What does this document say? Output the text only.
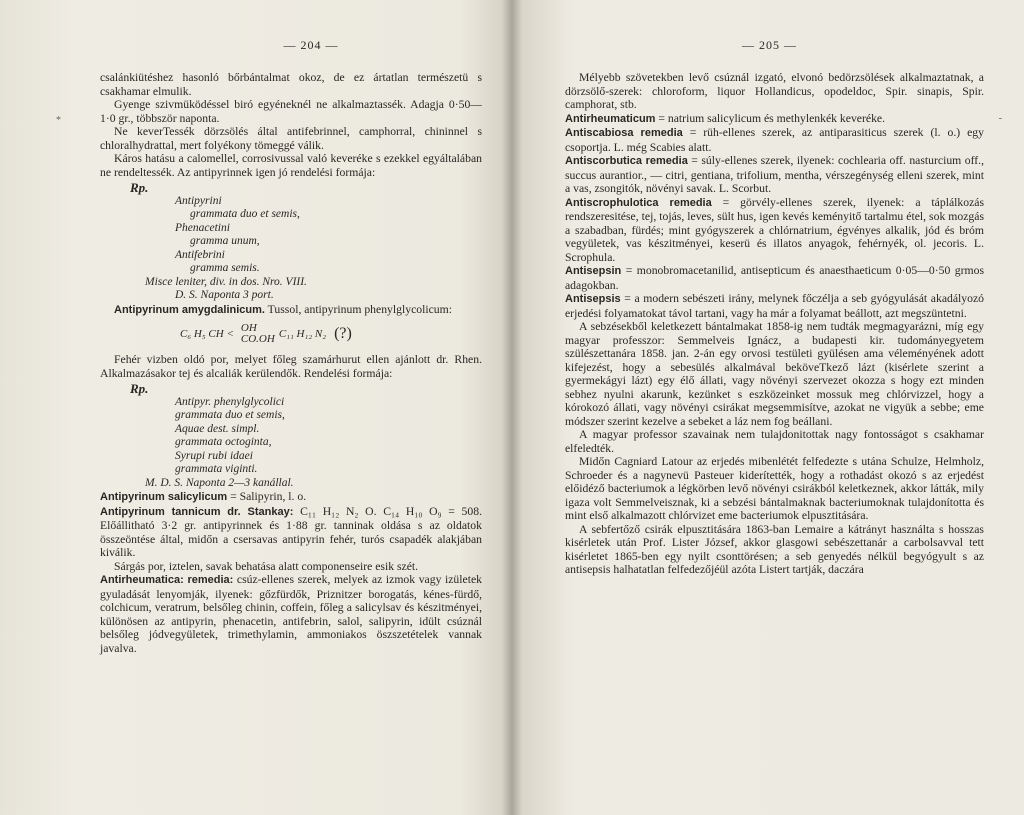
*	-
— 204 —

csalánkiütéshez hasonló bőrbántalmat okoz, de ez ártatlan természetü s csakhamar elmulik.

Gyenge szivmüködéssel biró egyéneknél ne alkalmaztassék. Adagja 0·50—1·0 gr., többször naponta.

Ne keverTessék dörzsölés által antifebrinnel, camphorral, chininnel s chloralhydrattal, mert folyékony tömeggé válik.

Káros hatásu a calomellel, corrosivussal való keveréke s ezekkel egyáltalában ne rendeltessék. Az antipyrinnek igen jó rendelési formája:

Rp.
Antipyrini
grammata duo et semis,
Phenacetini
gramma unum,
Antifebrini
gramma semis.
Misce leniter, div. in dos. Nro. VIII.
D. S. Naponta 3 port.

Antipyrinum amygdalinicum. Tussol, antipyrinum phenylglycolicum:

C₆ H₅ CH < OH
CO.OH C₁₁ H₁₂ N₂ (?)

Fehér vizben oldó por, melyet főleg szamárhurut ellen ajánlott dr. Rhen. Alkalmazásakor tej és alcaliák kerülendők. Rendelési formája:

Rp.
Antipyr. phenylglycolici
grammata duo et semis,
Aquae dest. simpl.
grammata octoginta,
Syrupi rubi idaei
grammata viginti.
M. D. S. Naponta 2—3 kanállal.

Antipyrinum salicylicum = Salipyrin, l. o.

Antipyrinum tannicum dr. Stankay: C₁₁ H₁₂ N₂ O. C₁₄ H₁₀ O₉ = 508. Előállitható 3·2 gr. antipyrinnek és 1·88 gr. tanninak oldása s az oldatok összeöntése által, midőn a csersavas antipyrin fehér, turós csapadék alakjában kiválik.

Sárgás por, iztelen, savak behatása alatt componenseire esik szét.

Antirheumatica: remedia: csúz-ellenes szerek, melyek az izmok vagy izületek gyuladását lenyomják, ilyenek: gőzfürdők, Priznitzer borogatás, kénes-fürdő, colchicum, veratrum, belsőleg chinin, coffein, főleg a salicylsav és készitményei, különösen az antipyrin, phenacetin, antifebrin, salol, salipyrin, idült csúznál belsőleg jódvegyületek, trimethylamin, ammoniakos öszszetételek vannak javalva.

— 205 —

Mélyebb szövetekben levő csúznál izgató, elvonó bedörzsölések alkalmaztatnak, a dörzsölő-szerek: chloroform, liquor Hollandicus, opodeldoc, Spir. sinapis, Spir. camphorat, stb.

Antirheumaticum = natrium salicylicum és methylenkék keveréke.

Antiscabiosa remedia = rüh-ellenes szerek, az antiparasiticus szerek (l. o.) egy csoportja. L. még Scabies alatt.

Antiscorbutica remedia = súly-ellenes szerek, ilyenek: cochlearia off. nasturcium off., succus aurantior., — citri, gentiana, trifolium, mentha, vérszegénység elleni szerek, mint a vas, zsongitók, növényi savak. L. Scorbut.

Antiscrophulotica remedia = görvély-ellenes szerek, ilyenek: a táplálkozás rendszeresitése, tej, tojás, leves, sült hus, igen kevés keményitő tartalmu étel, sok mozgás a szabadban, fürdés; mint gyógyszerek a chlórnatrium, égvényes alkalik, jód és bróm vegyületek, vas készitményei, keserü és illatos anyagok, fehérnyék, ol. jecoris. L. Scrophula.

Antisepsin = monobromacetanilid, antisepticum és anaesthaeticum 0·05—0·50 grmos adagokban.

Antisepsis = a modern sebészeti irány, melynek főczélja a seb gyógyulását akadályozó erjedési folyamatokat távol tartani, vagy ha már a folyamat beállott, azt megszüntetni.

A sebzésekből keletkezett bántalmakat 1858-ig nem tudták megmagyarázni, míg egy magyar professzor: Semmelveis Ignácz, a budapesti kir. tudományegyetem szülészettanára 1858. jan. 2-án egy orvosi testületi gyülésen ama véleményének adott kifejezést, hogy a sebesülés alkalmával beköveTkező lázt (kisérlete szerint a gyermekágyi lázt) egy élő állati, vagy növényi szervezet okozza s hogy ezt minden sebhez nyulni akarunk, kezünket s eszközeinket mossuk meg chlórvizzel, hogy a kórokozó állati, vagy növényi csirákat megsemmisítve, azokat ne vigyük a sebbe; eme módszer szerint kezelve a sebeket a láz nem fog beállani.

A magyar professor szavainak nem tulajdonitottak nagy fontosságot s csakhamar elfeledték.

Midőn Cagniard Latour az erjedés mibenlétét felfedezte s utána Schulze, Helmholz, Schroeder és a nagynevü Pasteuer kiderítették, hogy a rothadást okozó s az erjedést előidéző bacteriumok a légkörben levő növényi csirákból keletkeznek, akkor látták, mily igaza volt Semmelveisznak, ki a sebzési bántalmaknak bacteriumoknak tulajdonította és mint első alkalmazott chlórvizet eme bacteriumok elpusztitására.

A sebfertőző csirák elpusztitására 1863-ban Lemaire a kátrányt használta s hosszas kisérletek után Prof. Lister József, akkor glasgowi sebészettanár a carbolsavval tett kisérletet 1865-ben egy nyilt csonttörésen; a seb genyedés nélkül begyógyult s az antisepsis halhatatlan felfedezőjéül azóta Listert tartják, daczára
